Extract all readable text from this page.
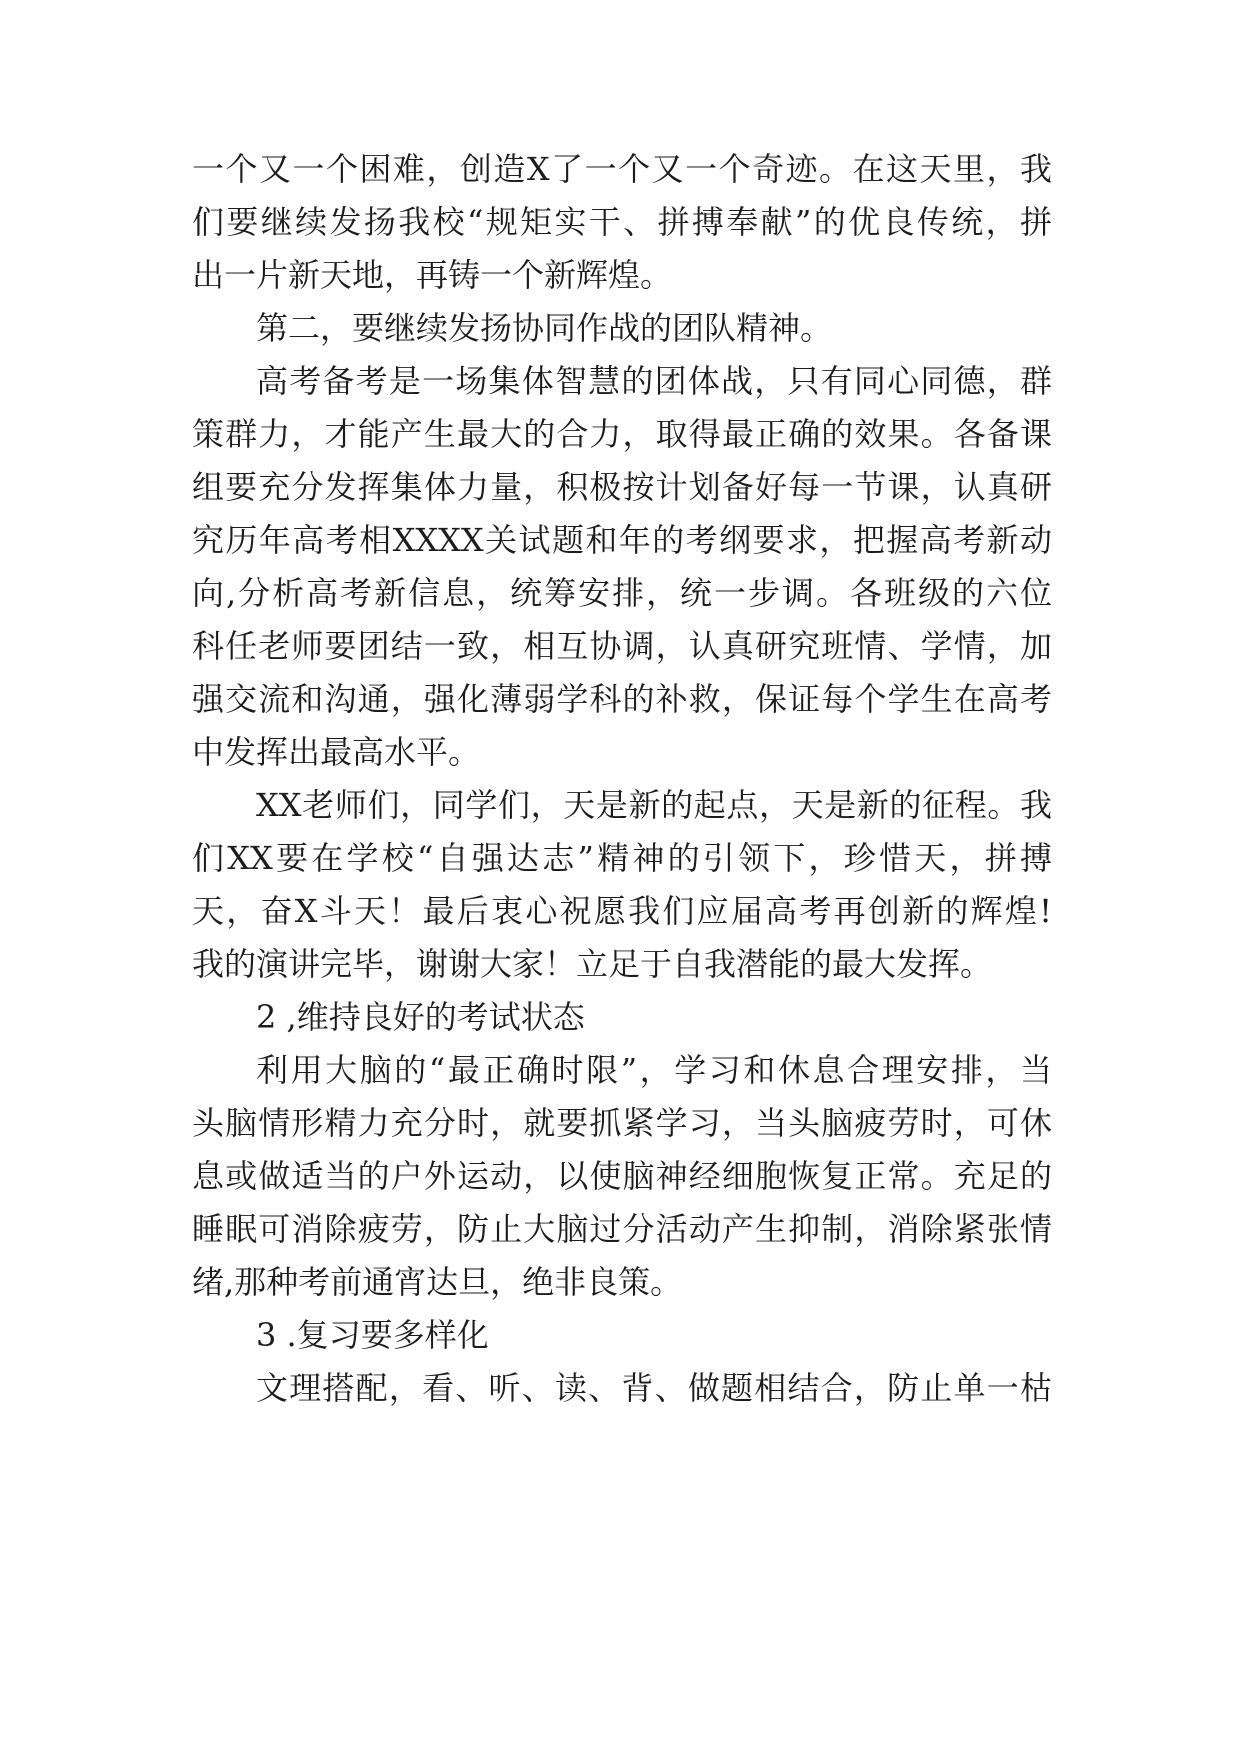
一个又一个困难，创造X了一个又一个奇迹。在这天里，我
们要继续发扬我校“规矩实干、拼搏奉献”的优良传统，拼
出一片新天地，再铸一个新辉煌。
第二，要继续发扬协同作战的团队精神。
高考备考是一场集体智慧的团体战，只有同心同德，群
策群力，才能产生最大的合力，取得最正确的效果。各备课
组要充分发挥集体力量，积极按计划备好每一节课，认真研
究历年高考相XXXX关试题和年的考纲要求，把握高考新动
向,分析高考新信息，统筹安排，统一步调。各班级的六位
科任老师要团结一致，相互协调，认真研究班情、学情，加
强交流和沟通，强化薄弱学科的补救，保证每个学生在高考
中发挥出最高水平。
XX老师们，同学们，天是新的起点，天是新的征程。我
们XX要在学校“自强达志”精神的引领下，珍惜天，拼搏
天，奋X斗天！最后衷心祝愿我们应届高考再创新的辉煌!
我的演讲完毕，谢谢大家！立足于自我潜能的最大发挥。
2 ,维持良好的考试状态
利用大脑的“最正确时限”，学习和休息合理安排，当
头脑情形精力充分时，就要抓紧学习，当头脑疲劳时，可休
息或做适当的户外运动，以使脑神经细胞恢复正常。充足的
睡眠可消除疲劳，防止大脑过分活动产生抑制，消除紧张情
绪,那种考前通宵达旦，绝非良策。
3 .复习要多样化
文理搭配，看、听、读、背、做题相结合，防止单一枯
